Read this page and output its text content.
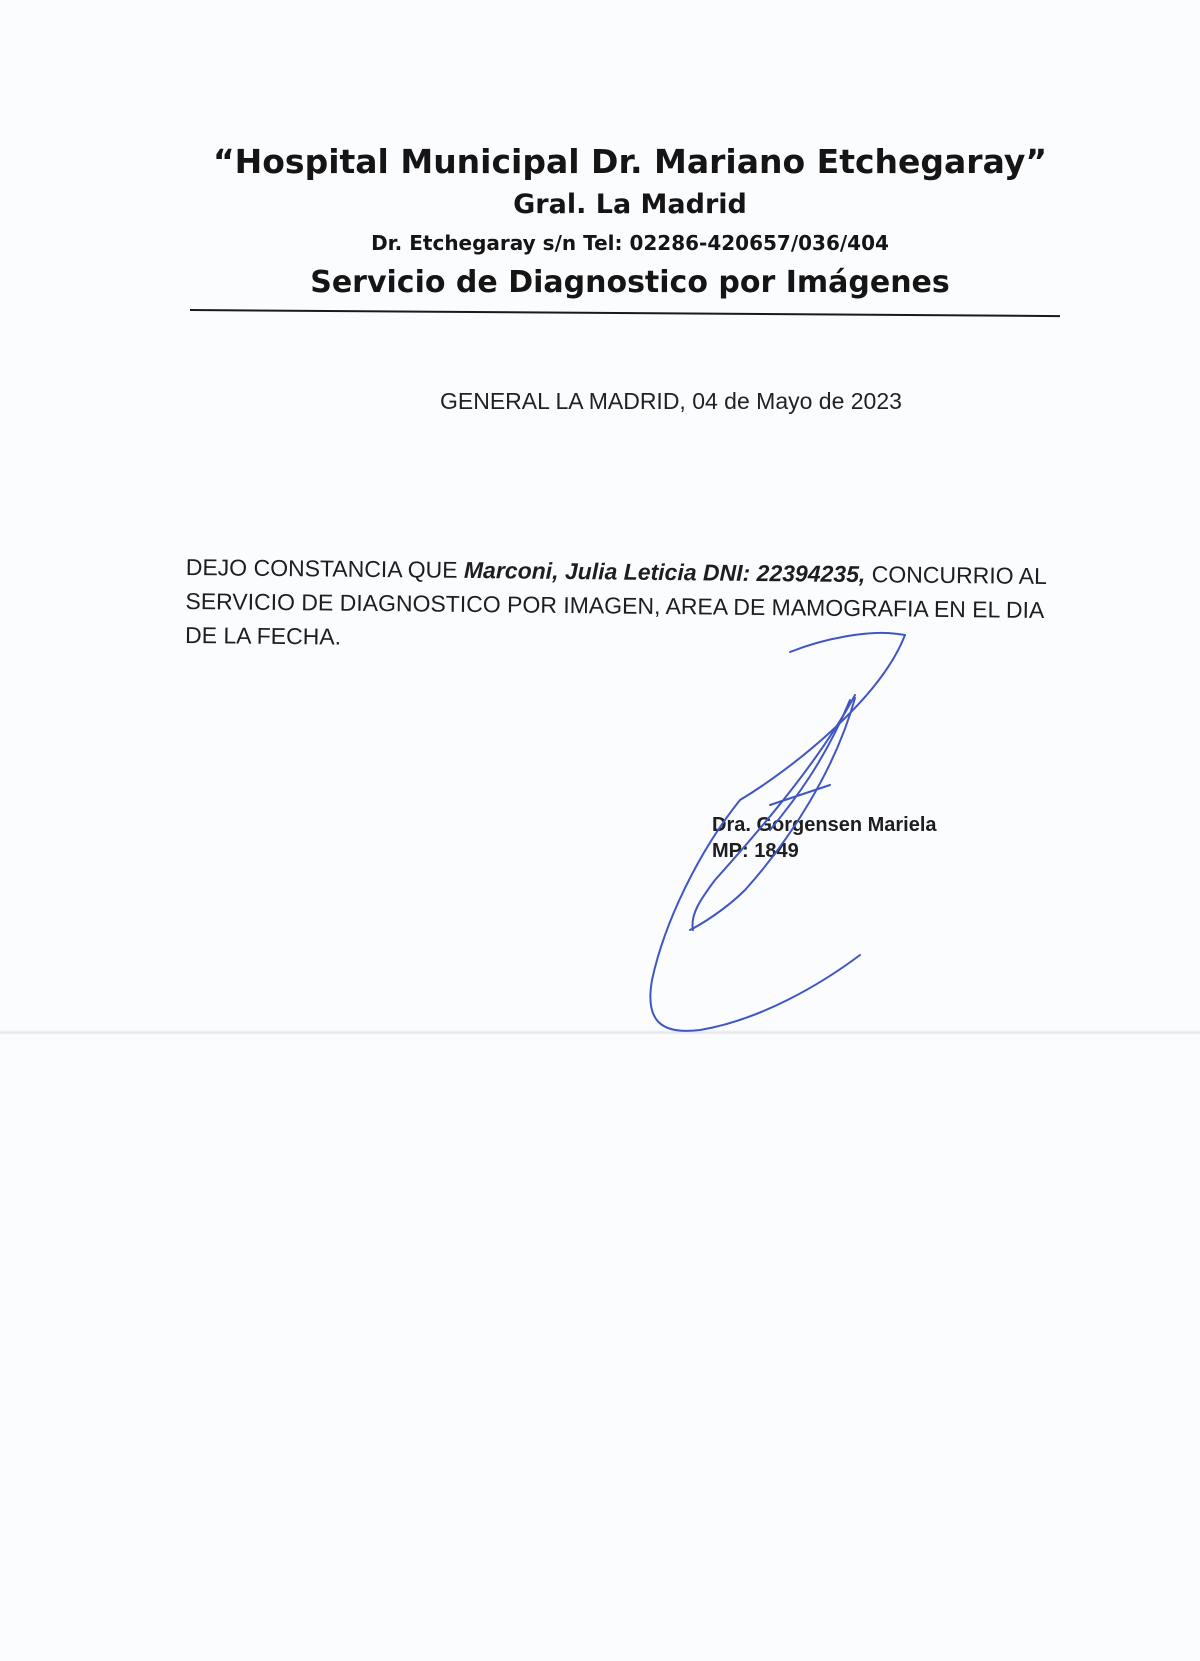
“Hospital Municipal Dr. Mariano Etchegaray”
Gral. La Madrid
Dr. Etchegaray s/n Tel: 02286-420657/036/404
Servicio de Diagnostico por Imágenes
GENERAL LA MADRID, 04 de Mayo de 2023
DEJO CONSTANCIA QUE Marconi, Julia Leticia DNI: 22394235, CONCURRIO AL SERVICIO DE DIAGNOSTICO POR IMAGEN, AREA DE MAMOGRAFIA EN EL DIA DE LA FECHA.
Dra. Gorgensen Mariela
MP: 1849
